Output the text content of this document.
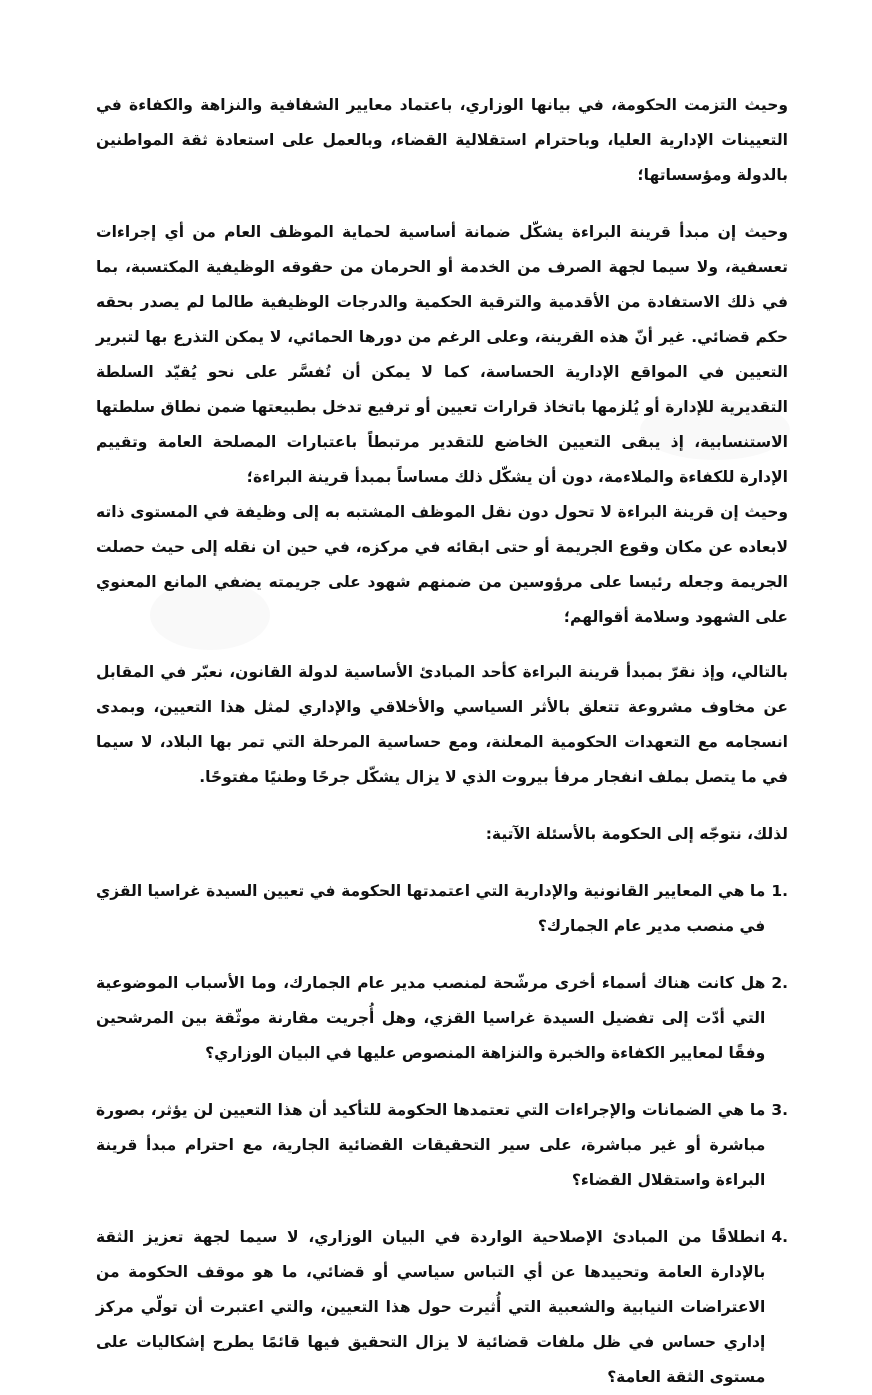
وحيث التزمت الحكومة، في بيانها الوزاري، باعتماد معايير الشفافية والنزاهة والكفاءة في التعيينات الإدارية العليا، وباحترام استقلالية القضاء، وبالعمل على استعادة ثقة المواطنين بالدولة ومؤسساتها؛

وحيث إن مبدأ قرينة البراءة يشكّل ضمانة أساسية لحماية الموظف العام من أي إجراءات تعسفية، ولا سيما لجهة الصرف من الخدمة أو الحرمان من حقوقه الوظيفية المكتسبة، بما في ذلك الاستفادة من الأقدمية والترقية الحكمية والدرجات الوظيفية طالما لم يصدر بحقه حكم قضائي. غير أنّ هذه القرينة، وعلى الرغم من دورها الحمائي، لا يمكن التذرع بها لتبرير التعيين في المواقع الإدارية الحساسة، كما لا يمكن أن تُفسَّر على نحو يُقيّد السلطة التقديرية للإدارة أو يُلزمها باتخاذ قرارات تعيين أو ترفيع تدخل بطبيعتها ضمن نطاق سلطتها الاستنسابية، إذ يبقى التعيين الخاضع للتقدير مرتبطاً باعتبارات المصلحة العامة وتقييم الإدارة للكفاءة والملاءمة، دون أن يشكّل ذلك مساساً بمبدأ قرينة البراءة؛

وحيث إن قرينة البراءة لا تحول دون نقل الموظف المشتبه به إلى وظيفة في المستوى ذاته لابعاده عن مكان وقوع الجريمة أو حتى ابقائه في مركزه، في حين ان نقله إلى حيث حصلت الجريمة وجعله رئيسا على مرؤوسين من ضمنهم شهود على جريمته يضفي المانع المعنوي على الشهود وسلامة أقوالهم؛

بالتالي، وإذ نقرّ بمبدأ قرينة البراءة كأحد المبادئ الأساسية لدولة القانون، نعبّر في المقابل عن مخاوف مشروعة تتعلق بالأثر السياسي والأخلاقي والإداري لمثل هذا التعيين، وبمدى انسجامه مع التعهدات الحكومية المعلنة، ومع حساسية المرحلة التي تمر بها البلاد، لا سيما في ما يتصل بملف انفجار مرفأ بيروت الذي لا يزال يشكّل جرحًا وطنيًا مفتوحًا.

لذلك، نتوجّه إلى الحكومة بالأسئلة الآتية:

1.
ما هي المعايير القانونية والإدارية التي اعتمدتها الحكومة في تعيين السيدة غراسيا القزي في منصب مدير عام الجمارك؟
2.
هل كانت هناك أسماء أخرى مرشّحة لمنصب مدير عام الجمارك، وما الأسباب الموضوعية التي أدّت إلى تفضيل السيدة غراسيا القزي، وهل أُجريت مقارنة موثّقة بين المرشحين وفقًا لمعايير الكفاءة والخبرة والنزاهة المنصوص عليها في البيان الوزاري؟
3.
ما هي الضمانات والإجراءات التي تعتمدها الحكومة للتأكيد أن هذا التعيين لن يؤثر، بصورة مباشرة أو غير مباشرة، على سير التحقيقات القضائية الجارية، مع احترام مبدأ قرينة البراءة واستقلال القضاء؟
4.
انطلاقًا من المبادئ الإصلاحية الواردة في البيان الوزاري، لا سيما لجهة تعزيز الثقة بالإدارة العامة وتحييدها عن أي التباس سياسي أو قضائي، ما هو موقف الحكومة من الاعتراضات النيابية والشعبية التي أُثيرت حول هذا التعيين، والتي اعتبرت أن تولّي مركز إداري حساس في ظل ملفات قضائية لا يزال التحقيق فيها قائمًا يطرح إشكاليات على مستوى الثقة العامة؟
